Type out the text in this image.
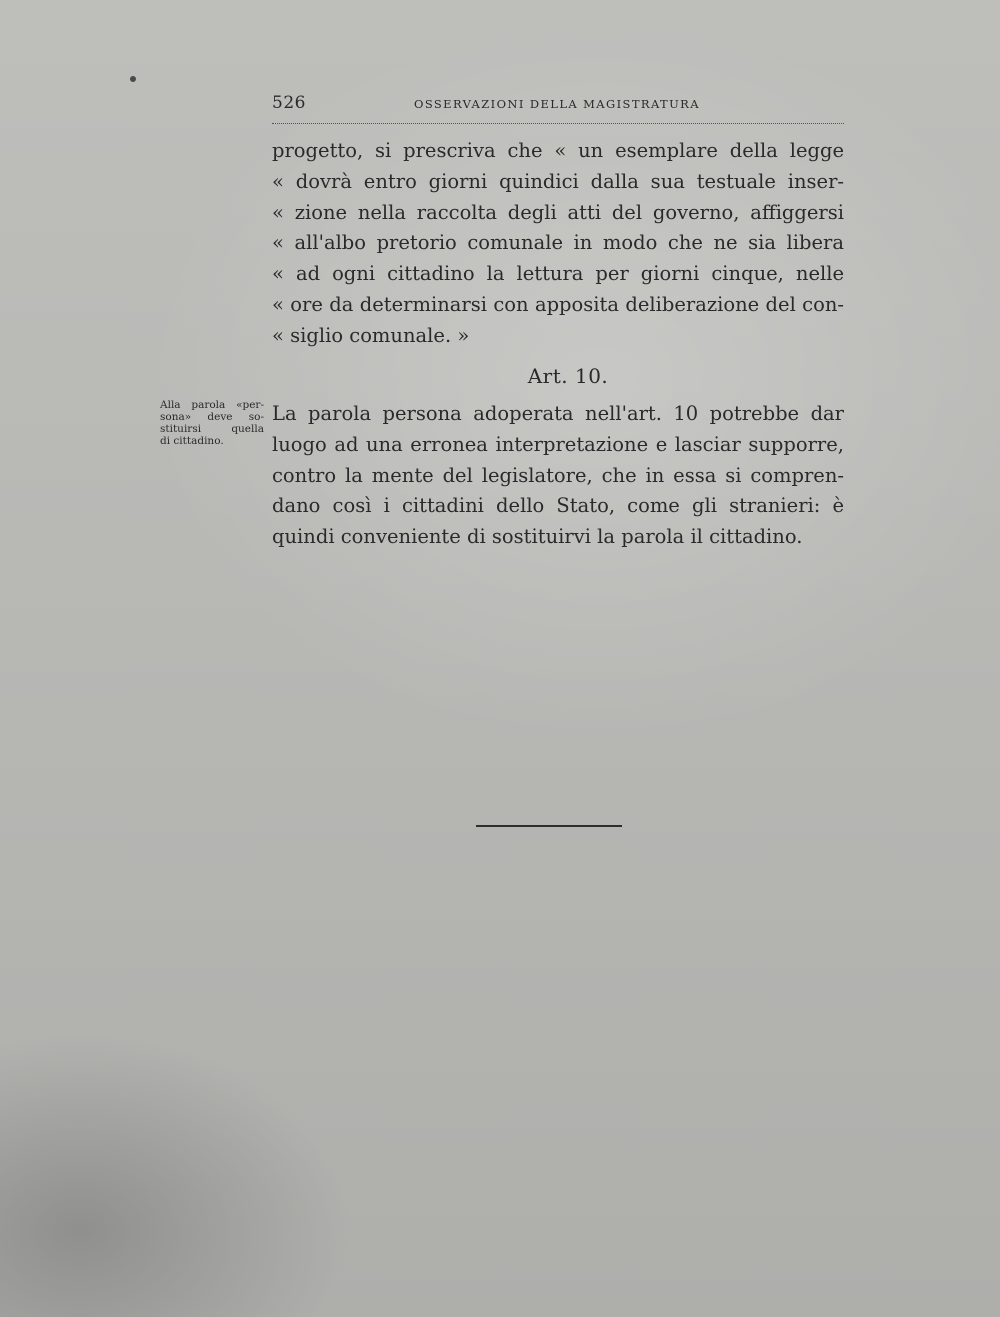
526	OSSERVAZIONI DELLA MAGISTRATURA
progetto, si prescriva che « un esemplare della legge
« dovrà entro giorni quindici dalla sua testuale inser-
« zione nella raccolta degli atti del governo, affiggersi
« all'albo pretorio comunale in modo che ne sia libera
« ad ogni cittadino la lettura per giorni cinque, nelle
« ore da determinarsi con apposita deliberazione del con-
« siglio comunale. »
Art. 10.
Alla parola «per-
sona» deve so-
stituirsi quella
di cittadino.
La parola persona adoperata nell'art. 10 potrebbe dar
luogo ad una erronea interpretazione e lasciar supporre,
contro la mente del legislatore, che in essa si compren-
dano così i cittadini dello Stato, come gli stranieri: è
quindi conveniente di sostituirvi la parola il cittadino.
